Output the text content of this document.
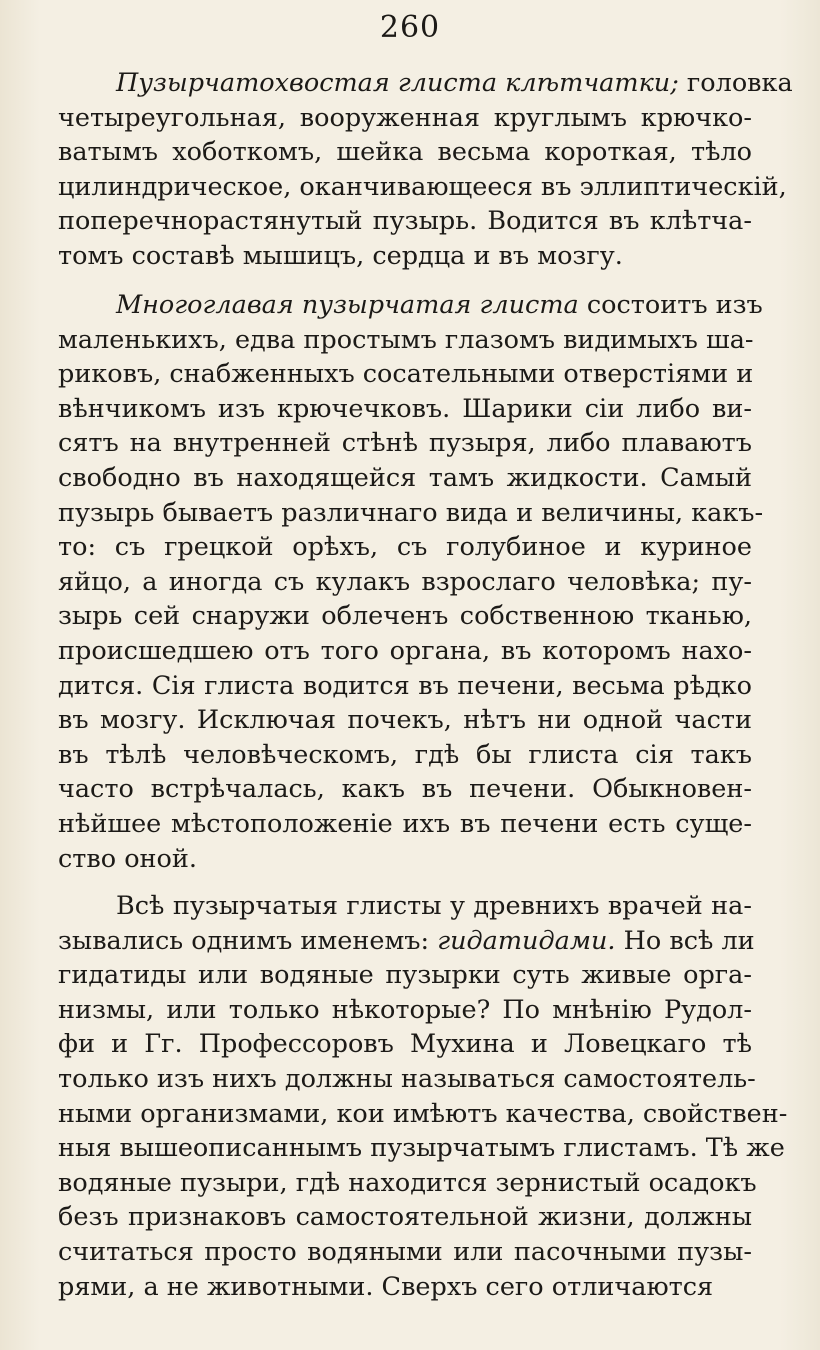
260
Пузырчатохвостая глиста клѣтчатки; головка
четыреугольная, вооруженная круглымъ крючко-
ватымъ хоботкомъ, шейка весьма короткая, тѣло
цилиндрическое, оканчивающееся въ эллиптическій,
поперечнорастянутый пузырь. Водится въ клѣтча-
томъ составѣ мышицъ, сердца и въ мозгу.
Многоглавая пузырчатая глиста состоитъ изъ
маленькихъ, едва простымъ глазомъ видимыхъ ша-
риковъ, снабженныхъ сосательными отверстіями и
вѣнчикомъ изъ крючечковъ. Шарики сіи либо ви-
сятъ на внутренней стѣнѣ пузыря, либо плаваютъ
свободно въ находящейся тамъ жидкости. Самый
пузырь бываетъ различнаго вида и величины, какъ-
то: съ грецкой орѣхъ, съ голубиное и куриное
яйцо, а иногда съ кулакъ взрослаго человѣка; пу-
зырь сей снаружи облеченъ собственною тканью,
происшедшею отъ того органа, въ которомъ нахо-
дится. Сія глиста водится въ печени, весьма рѣдко
въ мозгу. Исключая почекъ, нѣтъ ни одной части
въ тѣлѣ человѣческомъ, гдѣ бы глиста сія такъ
часто встрѣчалась, какъ въ печени. Обыкновен-
нѣйшее мѣстоположеніе ихъ въ печени есть суще-
ство оной.
Всѣ пузырчатыя глисты у древнихъ врачей на-
зывались однимъ именемъ: гидатидами. Но всѣ ли
гидатиды или водяные пузырки суть живые орга-
низмы, или только нѣкоторые? По мнѣнію Рудол-
фи и Гг. Профессоровъ Мухина и Ловецкаго тѣ
только изъ нихъ должны называться самостоятель-
ными организмами, кои имѣютъ качества, свойствен-
ныя вышеописаннымъ пузырчатымъ глистамъ. Тѣ же
водяные пузыри, гдѣ находится зернистый осадокъ
безъ признаковъ самостоятельной жизни, должны
считаться просто водяными или пасочными пузы-
рями, а не животными. Сверхъ сего отличаются
